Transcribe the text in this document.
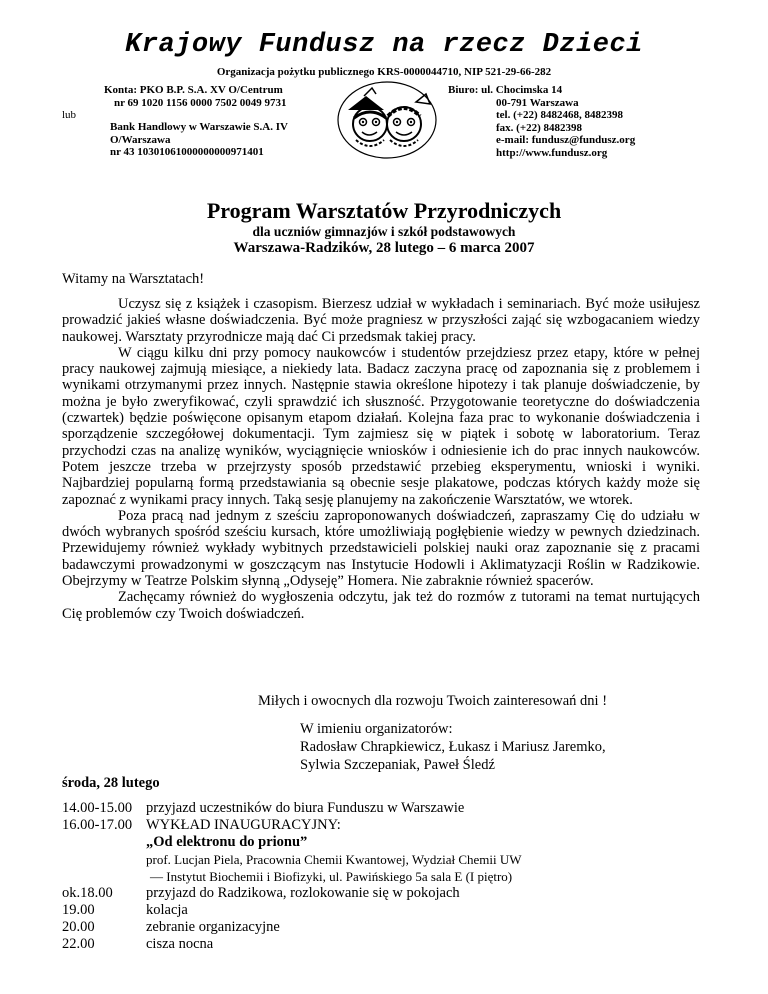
Krajowy Fundusz na rzecz Dzieci
Organizacja pożytku publicznego KRS-0000044710, NIP 521-29-66-282
Konta: PKO B.P. S.A. XV O/Centrum
nr 69 1020 1156 0000 7502 0049 9731
lub
Bank Handlowy w Warszawie S.A. IV
O/Warszawa
nr 43 10301061000000000971401
Biuro: ul. Chocimska 14
00-791 Warszawa
tel. (+22) 8482468, 8482398
fax. (+22) 8482398
e-mail: fundusz@fundusz.org
http://www.fundusz.org
Program Warsztatów Przyrodniczych
dla uczniów gimnazjów i szkół podstawowych
Warszawa-Radzików, 28 lutego – 6 marca 2007
Witamy na Warsztatach!

Uczysz się z książek i czasopism. Bierzesz udział w wykładach i seminariach. Być może usiłujesz prowadzić jakieś własne doświadczenia. Być może pragniesz w przyszłości zająć się wzbogacaniem wiedzy naukowej. Warsztaty przyrodnicze mają dać Ci przedsmak takiej pracy.

W ciągu kilku dni przy pomocy naukowców i studentów przejdziesz przez etapy, które w pełnej pracy naukowej zajmują miesiące, a niekiedy lata. Badacz zaczyna pracę od zapoznania się z problemem i wynikami otrzymanymi przez innych. Następnie stawia określone hipotezy i tak planuje doświadczenie, by można je było zweryfikować, czyli sprawdzić ich słuszność. Przygotowanie teoretyczne do doświadczenia (czwartek) będzie poświęcone opisanym etapom działań. Kolejna faza prac to wykonanie doświadczenia i sporządzenie szczegółowej dokumentacji. Tym zajmiesz się w piątek i sobotę w laboratorium. Teraz przychodzi czas na analizę wyników, wyciągnięcie wniosków i odniesienie ich do prac innych naukowców. Potem jeszcze trzeba w przejrzysty sposób przedstawić przebieg eksperymentu, wnioski i wyniki. Najbardziej popularną formą przedstawiania są obecnie sesje plakatowe, podczas których każdy może się zapoznać z wynikami pracy innych. Taką sesję planujemy na zakończenie Warsztatów, we wtorek.

Poza pracą nad jednym z sześciu zaproponowanych doświadczeń, zapraszamy Cię do udziału w dwóch wybranych spośród sześciu kursach, które umożliwiają pogłębienie wiedzy w pewnych dziedzinach. Przewidujemy również wykłady wybitnych przedstawicieli polskiej nauki oraz zapoznanie się z pracami badawczymi prowadzonymi w goszczącym nas Instytucie Hodowli i Aklimatyzacji Roślin w Radzikowie. Obejrzymy w Teatrze Polskim słynną „Odyseję” Homera. Nie zabraknie również spacerów.

Zachęcamy również do wygłoszenia odczytu, jak też do rozmów z tutorami na temat nurtujących Cię problemów czy Twoich doświadczeń.

Miłych i owocnych dla rozwoju Twoich zainteresowań dni !
W imieniu organizatorów:
Radosław Chrapkiewicz, Łukasz i Mariusz Jaremko,
Sylwia Szczepaniak, Paweł Śledź
środa, 28 lutego
14.00-15.00 przyjazd uczestników do biura Funduszu w Warszawie
16.00-17.00 WYKŁAD INAUGURACYJNY:
„Od elektronu do prionu”
prof. Lucjan Piela, Pracownia Chemii Kwantowej, Wydział Chemii UW
— Instytut Biochemii i Biofizyki, ul. Pawińskiego 5a sala E (I piętro)
ok.18.00	przyjazd do Radzikowa, rozlokowanie się w pokojach
19.00	kolacja
20.00	zebranie organizacyjne
22.00	cisza nocna
